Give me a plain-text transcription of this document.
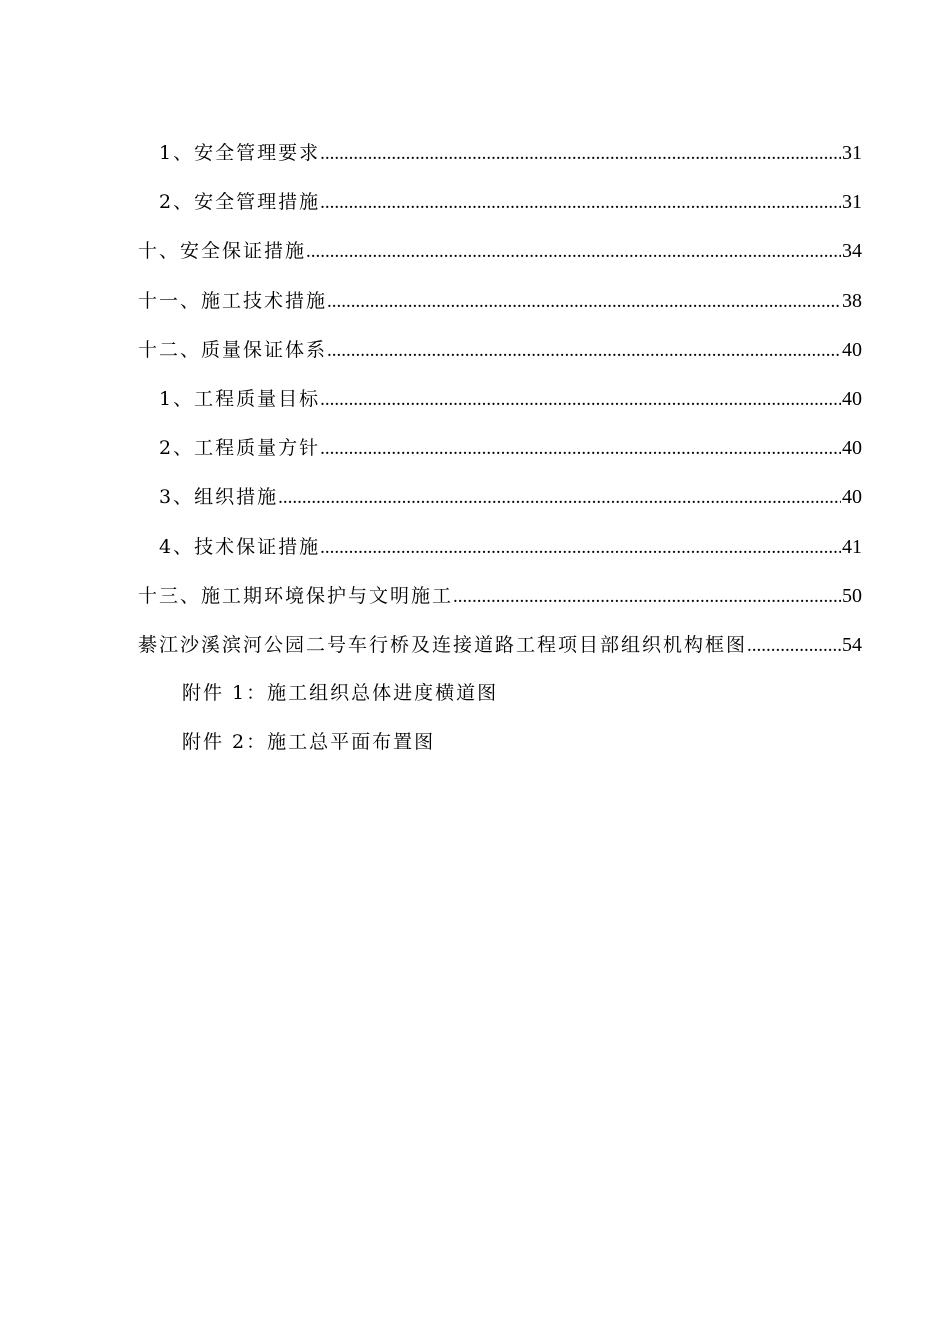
1、安全管理要求 .....	31
2、安全管理措施 .....	31
十、安全保证措施 .....	34
十一、施工技术措施 .....	38
十二、质量保证体系 .....	40
1、工程质量目标 .....	40
2、工程质量方针 .....	40
3、组织措施 .....	40
4、技术保证措施 .....	41
十三、施工期环境保护与文明施工 .....	50
綦江沙溪滨河公园二号车行桥及连接道路工程项目部组织机构框图 .....	54
附件 1：施工组织总体进度横道图
附件 2：施工总平面布置图
